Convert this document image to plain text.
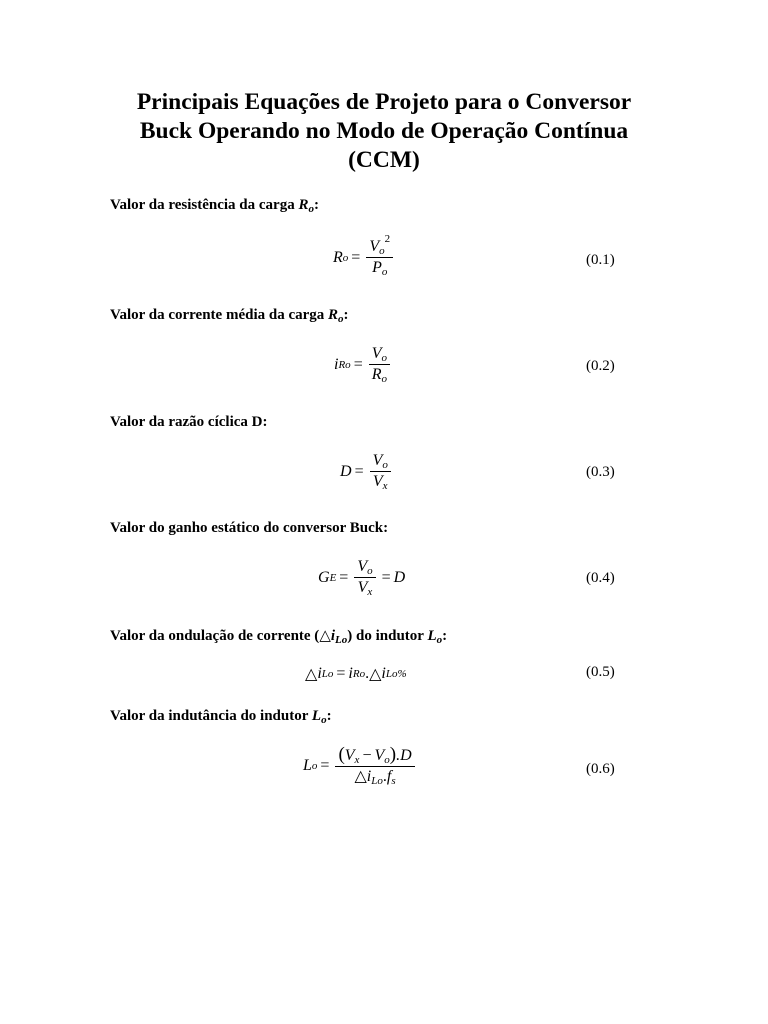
Principais Equações de Projeto para o Conversor
Buck Operando no Modo de Operação Contínua
(CCM)
Valor da resistência da carga $R_o$:
R $o = \frac{V_o^2}{P_o}$	(0.1)
Valor da corrente média da carga $R_o$:
i $Ro = \frac{V_o}{R_o}$	(0.2)
Valor da razão cíclica D:
$D = \frac{V_o}{V_x}$	(0.3)
Valor do ganho estático do conversor Buck:
G $E = \frac{V_o}{V_x} = D$	(0.4)
Valor da ondulação de corrente $(\triangle i_{Lo})$ do indutor $L_o$:
△ i Lo = i Ro . △ i Lo%	(0.5)
Valor da indutância do indutor $L_o$:
L $o = \frac{(V_x - V_o).D}{\triangle i_{Lo}.f_s}$	(0.6)
